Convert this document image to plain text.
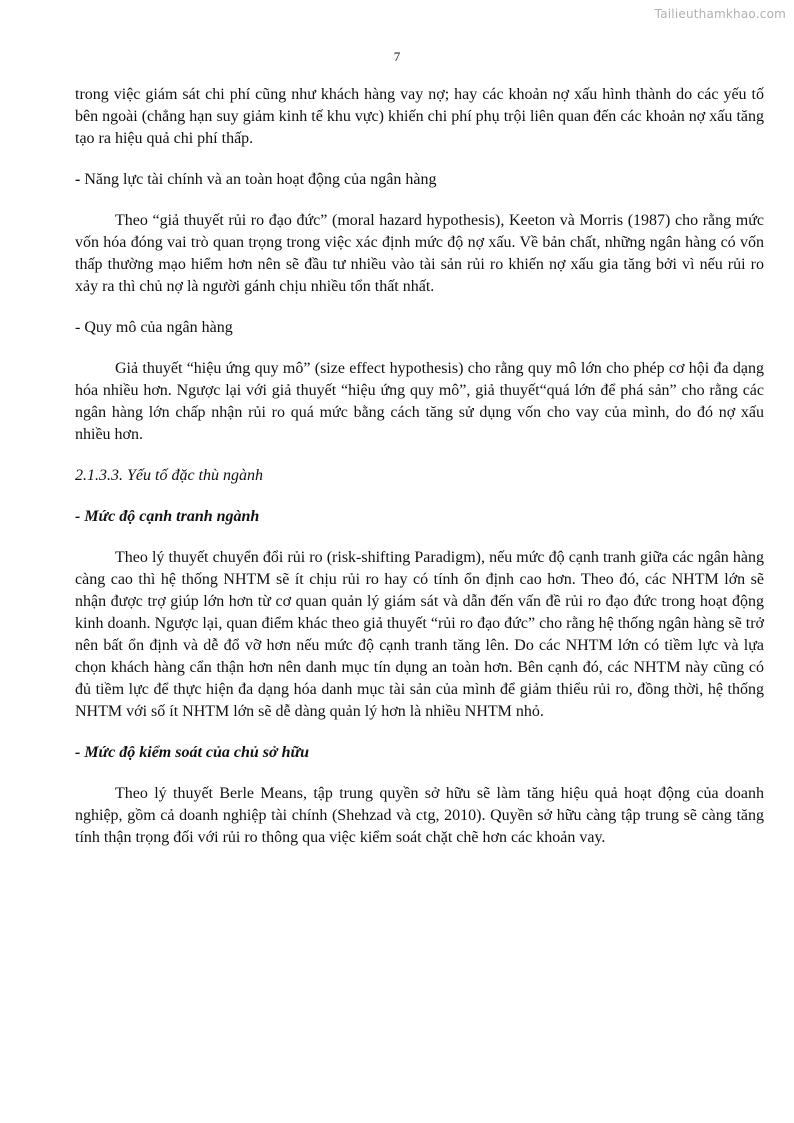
Tailieuthamkhao.com
7

trong việc giám sát chi phí cũng như khách hàng vay nợ; hay các khoản nợ xấu hình thành do các yếu tố bên ngoài (chẳng hạn suy giảm kinh tế khu vực) khiến chi phí phụ trội liên quan đến các khoản nợ xấu tăng tạo ra hiệu quả chi phí thấp.

- Năng lực tài chính và an toàn hoạt động của ngân hàng

Theo “giả thuyết rủi ro đạo đức” (moral hazard hypothesis), Keeton và Morris (1987) cho rằng mức vốn hóa đóng vai trò quan trọng trong việc xác định mức độ nợ xấu. Về bản chất, những ngân hàng có vốn thấp thường mạo hiểm hơn nên sẽ đầu tư nhiều vào tài sản rủi ro khiến nợ xấu gia tăng bởi vì nếu rủi ro xảy ra thì chủ nợ là người gánh chịu nhiều tổn thất nhất.

- Quy mô của ngân hàng

Giả thuyết “hiệu ứng quy mô” (size effect hypothesis) cho rằng quy mô lớn cho phép cơ hội đa dạng hóa nhiều hơn. Ngược lại với giả thuyết “hiệu ứng quy mô”, giả thuyết“quá lớn để phá sản” cho rằng các ngân hàng lớn chấp nhận rủi ro quá mức bằng cách tăng sử dụng vốn cho vay của mình, do đó nợ xấu nhiều hơn.

2.1.3.3. Yếu tố đặc thù ngành

- Mức độ cạnh tranh ngành

Theo lý thuyết chuyển đổi rủi ro (risk-shifting Paradigm), nếu mức độ cạnh tranh giữa các ngân hàng càng cao thì hệ thống NHTM sẽ ít chịu rủi ro hay có tính ổn định cao hơn. Theo đó, các NHTM lớn sẽ nhận được trợ giúp lớn hơn từ cơ quan quản lý giám sát và dẫn đến vấn đề rủi ro đạo đức trong hoạt động kinh doanh. Ngược lại, quan điểm khác theo giả thuyết “rủi ro đạo đức” cho rằng hệ thống ngân hàng sẽ trở nên bất ổn định và dễ đổ vỡ hơn nếu mức độ cạnh tranh tăng lên. Do các NHTM lớn có tiềm lực và lựa chọn khách hàng cẩn thận hơn nên danh mục tín dụng an toàn hơn. Bên cạnh đó, các NHTM này cũng có đủ tiềm lực để thực hiện đa dạng hóa danh mục tài sản của mình để giảm thiểu rủi ro, đồng thời, hệ thống NHTM với số ít NHTM lớn sẽ dễ dàng quản lý hơn là nhiều NHTM nhỏ.

- Mức độ kiểm soát của chủ sở hữu

Theo lý thuyết Berle Means, tập trung quyền sở hữu sẽ làm tăng hiệu quả hoạt động của doanh nghiệp, gồm cả doanh nghiệp tài chính (Shehzad và ctg, 2010). Quyền sở hữu càng tập trung sẽ càng tăng tính thận trọng đối với rủi ro thông qua việc kiểm soát chặt chẽ hơn các khoản vay.
